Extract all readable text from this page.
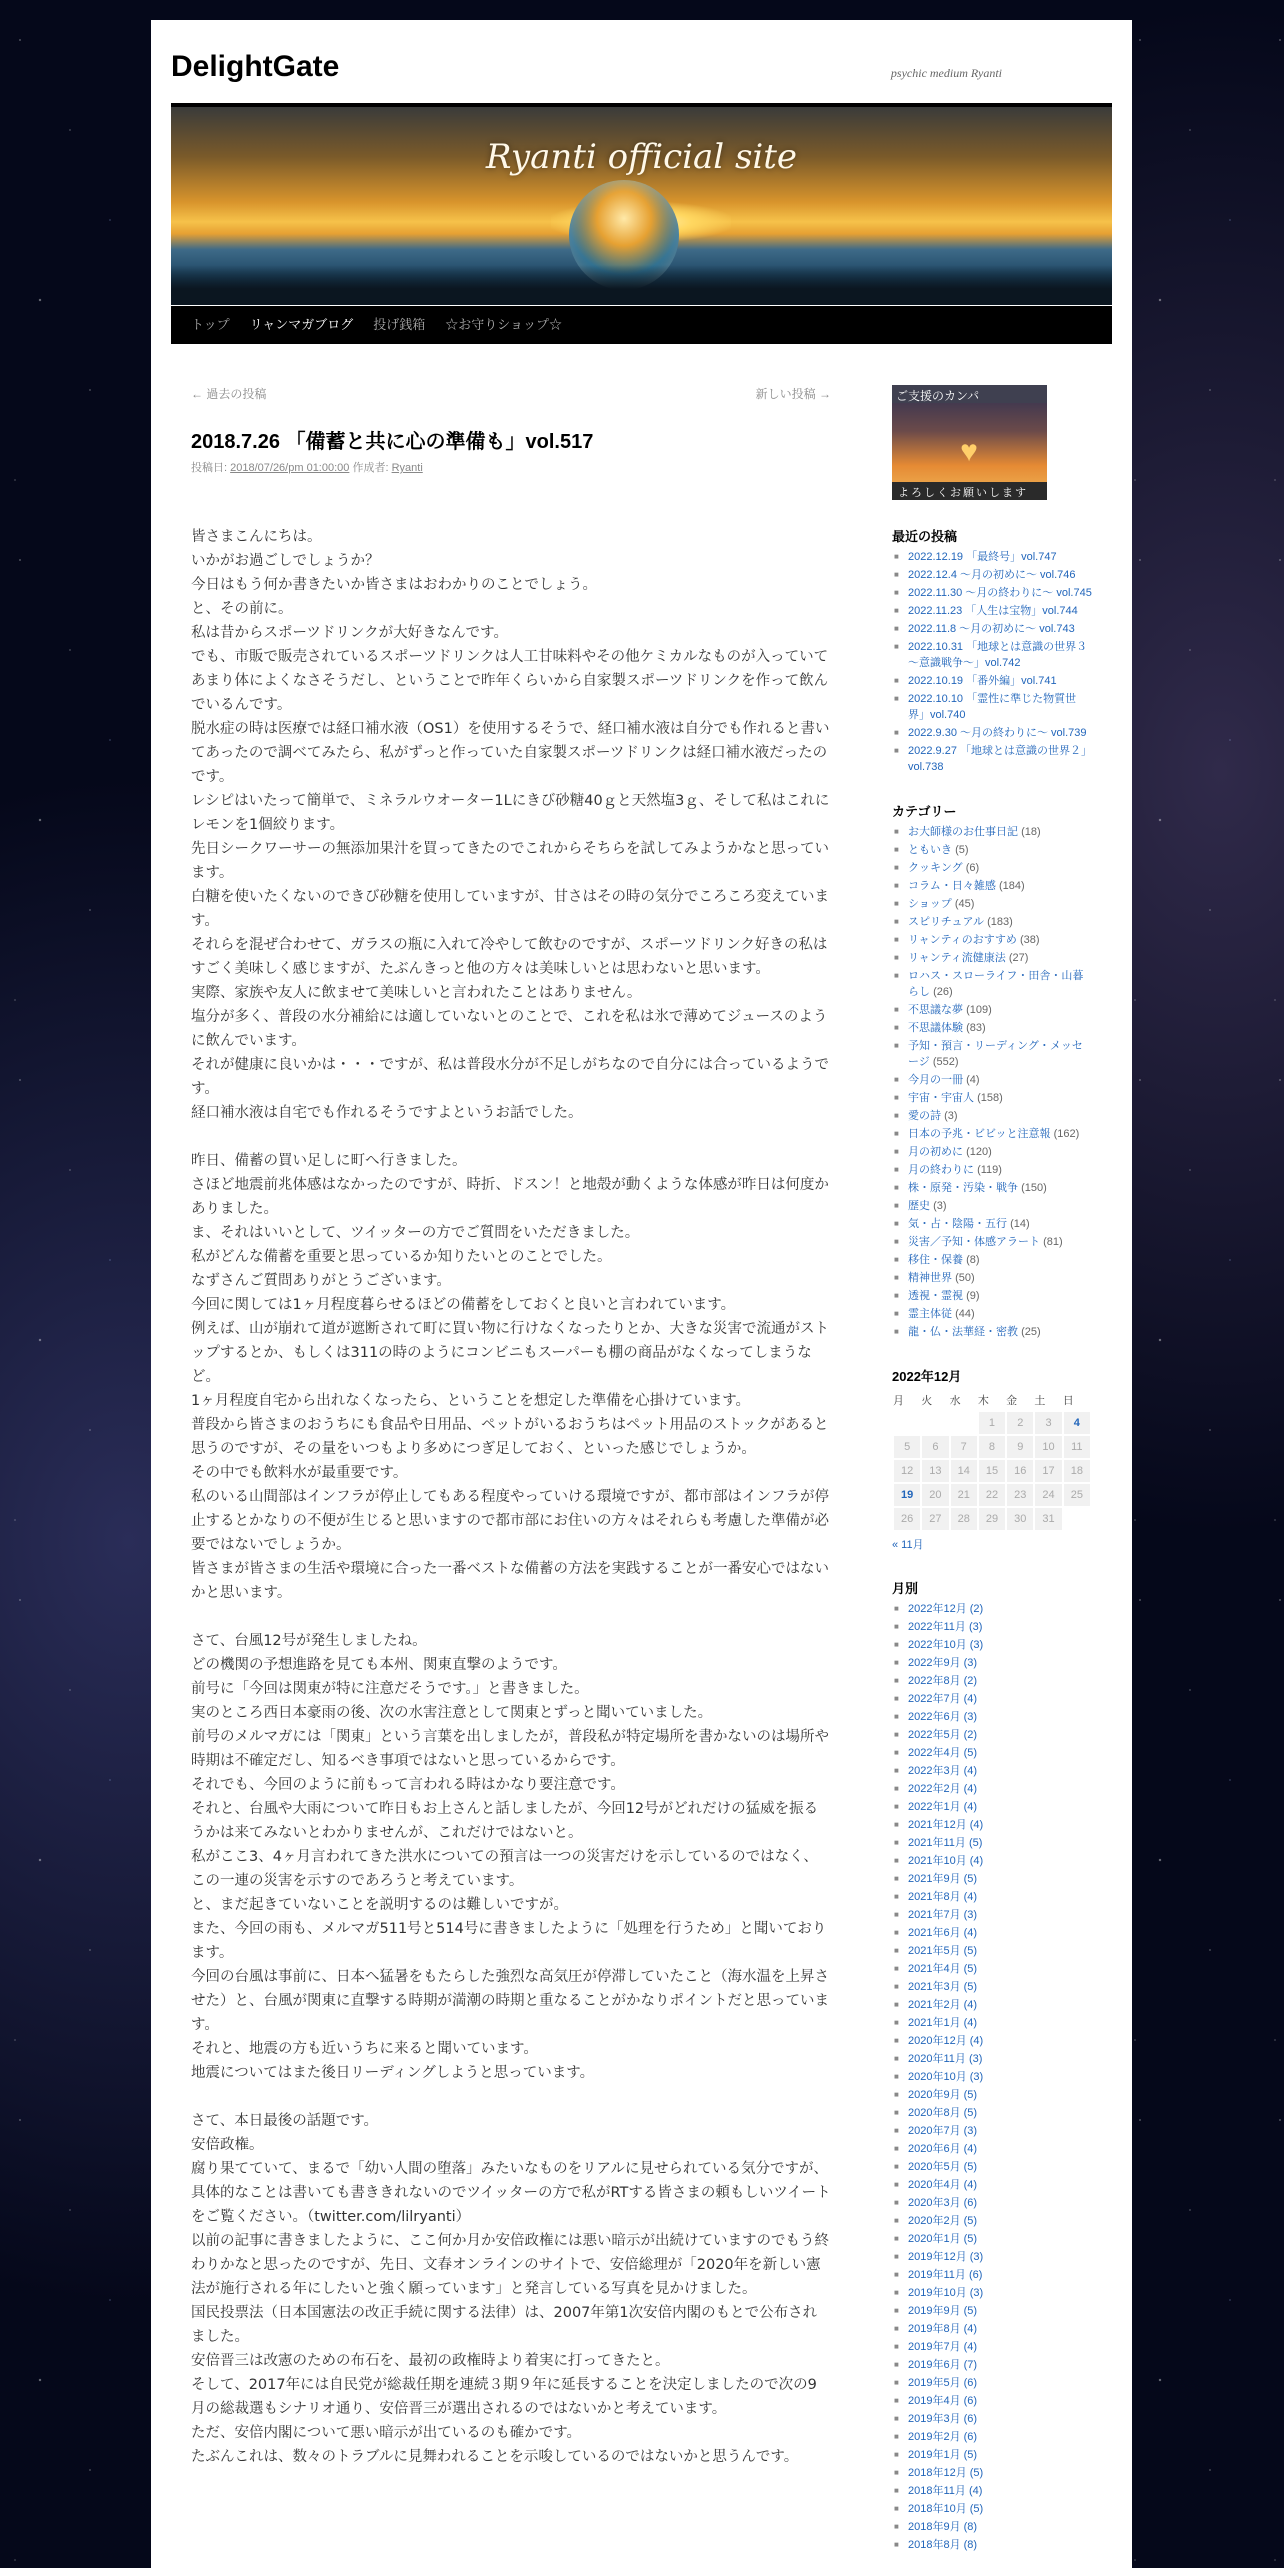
DelightGate	psychic medium Ryanti
Ryanti official site
トップ	リャンマガブログ	投げ銭箱	☆お守りショップ☆
← 過去の投稿	新しい投稿 →
2018.7.26 「備蓄と共に心の準備も」vol.517
投稿日: 2018/07/26/pm 01:00:00 作成者: Ryanti

皆さまこんにちは。

いかがお過ごしでしょうか？

今日はもう何か書きたいか皆さまはおわかりのことでしょう。

と、その前に。

私は昔からスポーツドリンクが大好きなんです。

でも、市販で販売されているスポーツドリンクは人工甘味料やその他ケミカルなものが入っていてあまり体によくなさそうだし、ということで昨年くらいから自家製スポーツドリンクを作って飲んでいるんです。

脱水症の時は医療では経口補水液（OS1）を使用するそうで、経口補水液は自分でも作れると書いてあったので調べてみたら、私がずっと作っていた自家製スポーツドリンクは経口補水液だったのです。

レシピはいたって簡単で、ミネラルウオーター1Lにきび砂糖40ｇと天然塩3ｇ、そして私はこれにレモンを1個絞ります。

先日シークワーサーの無添加果汁を買ってきたのでこれからそちらを試してみようかなと思っています。

白糖を使いたくないのできび砂糖を使用していますが、甘さはその時の気分でころころ変えています。

それらを混ぜ合わせて、ガラスの瓶に入れて冷やして飲むのですが、スポーツドリンク好きの私はすごく美味しく感じますが、たぶんきっと他の方々は美味しいとは思わないと思います。

実際、家族や友人に飲ませて美味しいと言われたことはありません。

塩分が多く、普段の水分補給には適していないとのことで、これを私は氷で薄めてジュースのように飲んでいます。

それが健康に良いかは・・・ですが、私は普段水分が不足しがちなので自分には合っているようです。

経口補水液は自宅でも作れるそうですよというお話でした。

昨日、備蓄の買い足しに町へ行きました。

さほど地震前兆体感はなかったのですが、時折、ドスン！と地殻が動くような体感が昨日は何度かありました。

ま、それはいいとして、ツイッターの方でご質問をいただきました。

私がどんな備蓄を重要と思っているか知りたいとのことでした。

なずさんご質問ありがとうございます。

今回に関しては1ヶ月程度暮らせるほどの備蓄をしておくと良いと言われています。

例えば、山が崩れて道が遮断されて町に買い物に行けなくなったりとか、大きな災害で流通がストップするとか、もしくは311の時のようにコンビニもスーパーも棚の商品がなくなってしまうなど。

1ヶ月程度自宅から出れなくなったら、ということを想定した準備を心掛けています。

普段から皆さまのおうちにも食品や日用品、ペットがいるおうちはペット用品のストックがあると思うのですが、その量をいつもより多めにつぎ足しておく、といった感じでしょうか。

その中でも飲料水が最重要です。

私のいる山間部はインフラが停止してもある程度やっていける環境ですが、都市部はインフラが停止するとかなりの不便が生じると思いますので都市部にお住いの方々はそれらも考慮した準備が必要ではないでしょうか。

皆さまが皆さまの生活や環境に合った一番ベストな備蓄の方法を実践することが一番安心ではないかと思います。

さて、台風12号が発生しましたね。

どの機関の予想進路を見ても本州、関東直撃のようです。

前号に「今回は関東が特に注意だそうです。」と書きました。

実のところ西日本豪雨の後、次の水害注意として関東とずっと聞いていました。

前号のメルマガには「関東」という言葉を出しましたが，普段私が特定場所を書かないのは場所や時期は不確定だし、知るべき事項ではないと思っているからです。

それでも、今回のように前もって言われる時はかなり要注意です。

それと、台風や大雨について昨日もお上さんと話しましたが、今回12号がどれだけの猛威を振るうかは来てみないとわかりませんが、これだけではないと。

私がここ3、4ヶ月言われてきた洪水についての預言は一つの災害だけを示しているのではなく、この一連の災害を示すのであろうと考えています。

と、まだ起きていないことを説明するのは難しいですが。

また、今回の雨も、メルマガ511号と514号に書きましたように「処理を行うため」と聞いております。

今回の台風は事前に、日本へ猛暑をもたらした強烈な高気圧が停滞していたこと（海水温を上昇させた）と、台風が関東に直撃する時期が満潮の時期と重なることがかなりポイントだと思っています。

それと、地震の方も近いうちに来ると聞いています。

地震についてはまた後日リーディングしようと思っています。

さて、本日最後の話題です。

安倍政権。

腐り果てていて、まるで「幼い人間の堕落」みたいなものをリアルに見せられている気分ですが、具体的なことは書いても書ききれないのでツイッターの方で私がRTする皆さまの頼もしいツイートをご覧ください。（twitter.com/lilryanti）

以前の記事に書きましたように、ここ何か月か安倍政権には悪い暗示が出続けていますのでもう終わりかなと思ったのですが、先日、文春オンラインのサイトで、安倍総理が「2020年を新しい憲法が施行される年にしたいと強く願っています」と発言している写真を見かけました。

国民投票法（日本国憲法の改正手続に関する法律）は、2007年第1次安倍内閣のもとで公布されました。

安倍晋三は改憲のための布石を、最初の政権時より着実に打ってきたと。

そして、2017年には自民党が総裁任期を連続３期９年に延長することを決定しましたので次の9月の総裁選もシナリオ通り、安倍晋三が選出されるのではないかと考えています。

ただ、安倍内閣について悪い暗示が出ているのも確かです。

たぶんこれは、数々のトラブルに見舞われることを示唆しているのではないかと思うんです。

ご支援のカンパ
♥
よろしくお願いします
最近の投稿
■ 2022.12.19 「最終号」vol.747
■ 2022.12.4 ～月の初めに～ vol.746
■ 2022.11.30 ～月の終わりに～ vol.745
■ 2022.11.23 「人生は宝物」vol.744
■ 2022.11.8 ～月の初めに～ vol.743
■ 2022.10.31 「地球とは意識の世界３～意識戦争～」vol.742
■ 2022.10.19 「番外編」vol.741
■ 2022.10.10 「霊性に準じた物質世界」vol.740
■ 2022.9.30 ～月の終わりに～ vol.739
■ 2022.9.27 「地球とは意識の世界２」vol.738
カテゴリー
■ お大師様のお仕事日記 (18)
■ ともいき (5)
■ クッキング (6)
■ コラム・日々雑感 (184)
■ ショップ (45)
■ スピリチュアル (183)
■ リャンティのおすすめ (38)
■ リャンティ流健康法 (27)
■ ロハス・スローライフ・田舎・山暮らし (26)
■ 不思議な夢 (109)
■ 不思議体験 (83)
■ 予知・預言・リーディング・メッセージ (552)
■ 今月の一冊 (4)
■ 宇宙・宇宙人 (158)
■ 愛の詩 (3)
■ 日本の予兆・ビビッと注意報 (162)
■ 月の初めに (120)
■ 月の終わりに (119)
■ 株・原発・汚染・戦争 (150)
■ 歴史 (3)
■ 気・占・陰陽・五行 (14)
■ 災害／予知・体感アラート (81)
■ 移住・保養 (8)
■ 精神世界 (50)
■ 透視・霊視 (9)
■ 霊主体従 (44)
■ 龍・仏・法華経・密教 (25)
2022年12月
月	火	水	木	金	土	日
			1	2	3	4
5	6	7	8	9	10	11
12	13	14	15	16	17	18
19	20	21	22	23	24	25
26	27	28	29	30	31	
« 11月
月別
■ 2022年12月 (2)
■ 2022年11月 (3)
■ 2022年10月 (3)
■ 2022年9月 (3)
■ 2022年8月 (2)
■ 2022年7月 (4)
■ 2022年6月 (3)
■ 2022年5月 (2)
■ 2022年4月 (5)
■ 2022年3月 (4)
■ 2022年2月 (4)
■ 2022年1月 (4)
■ 2021年12月 (4)
■ 2021年11月 (5)
■ 2021年10月 (4)
■ 2021年9月 (5)
■ 2021年8月 (4)
■ 2021年7月 (3)
■ 2021年6月 (4)
■ 2021年5月 (5)
■ 2021年4月 (5)
■ 2021年3月 (5)
■ 2021年2月 (4)
■ 2021年1月 (4)
■ 2020年12月 (4)
■ 2020年11月 (3)
■ 2020年10月 (3)
■ 2020年9月 (5)
■ 2020年8月 (5)
■ 2020年7月 (3)
■ 2020年6月 (4)
■ 2020年5月 (5)
■ 2020年4月 (4)
■ 2020年3月 (6)
■ 2020年2月 (5)
■ 2020年1月 (5)
■ 2019年12月 (3)
■ 2019年11月 (6)
■ 2019年10月 (3)
■ 2019年9月 (5)
■ 2019年8月 (4)
■ 2019年7月 (4)
■ 2019年6月 (7)
■ 2019年5月 (6)
■ 2019年4月 (6)
■ 2019年3月 (6)
■ 2019年2月 (6)
■ 2019年1月 (5)
■ 2018年12月 (5)
■ 2018年11月 (4)
■ 2018年10月 (5)
■ 2018年9月 (8)
■ 2018年8月 (8)
